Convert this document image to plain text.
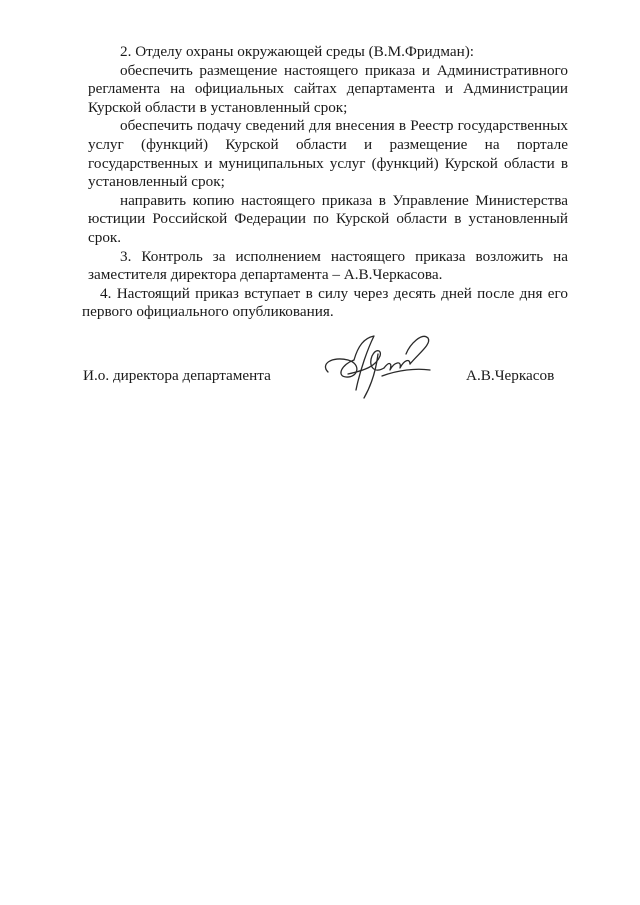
2. Отделу охраны окружающей среды (В.М.Фридман):

обеспечить размещение настоящего приказа и Административного регламента на официальных сайтах департамента и Администрации Курской области в установленный срок;

обеспечить подачу сведений для внесения в Реестр государственных услуг (функций) Курской области и размещение на портале государственных и муниципальных услуг (функций) Курской области в установленный срок;

направить копию настоящего приказа в Управление Министерства юстиции Российской Федерации по Курской области в установленный срок.

3. Контроль за исполнением настоящего приказа возложить на заместителя директора департамента – А.В.Черкасова.

4. Настоящий приказ вступает в силу через десять дней после дня его первого официального опубликования.

И.о. директора департамента	А.В.Черкасов
